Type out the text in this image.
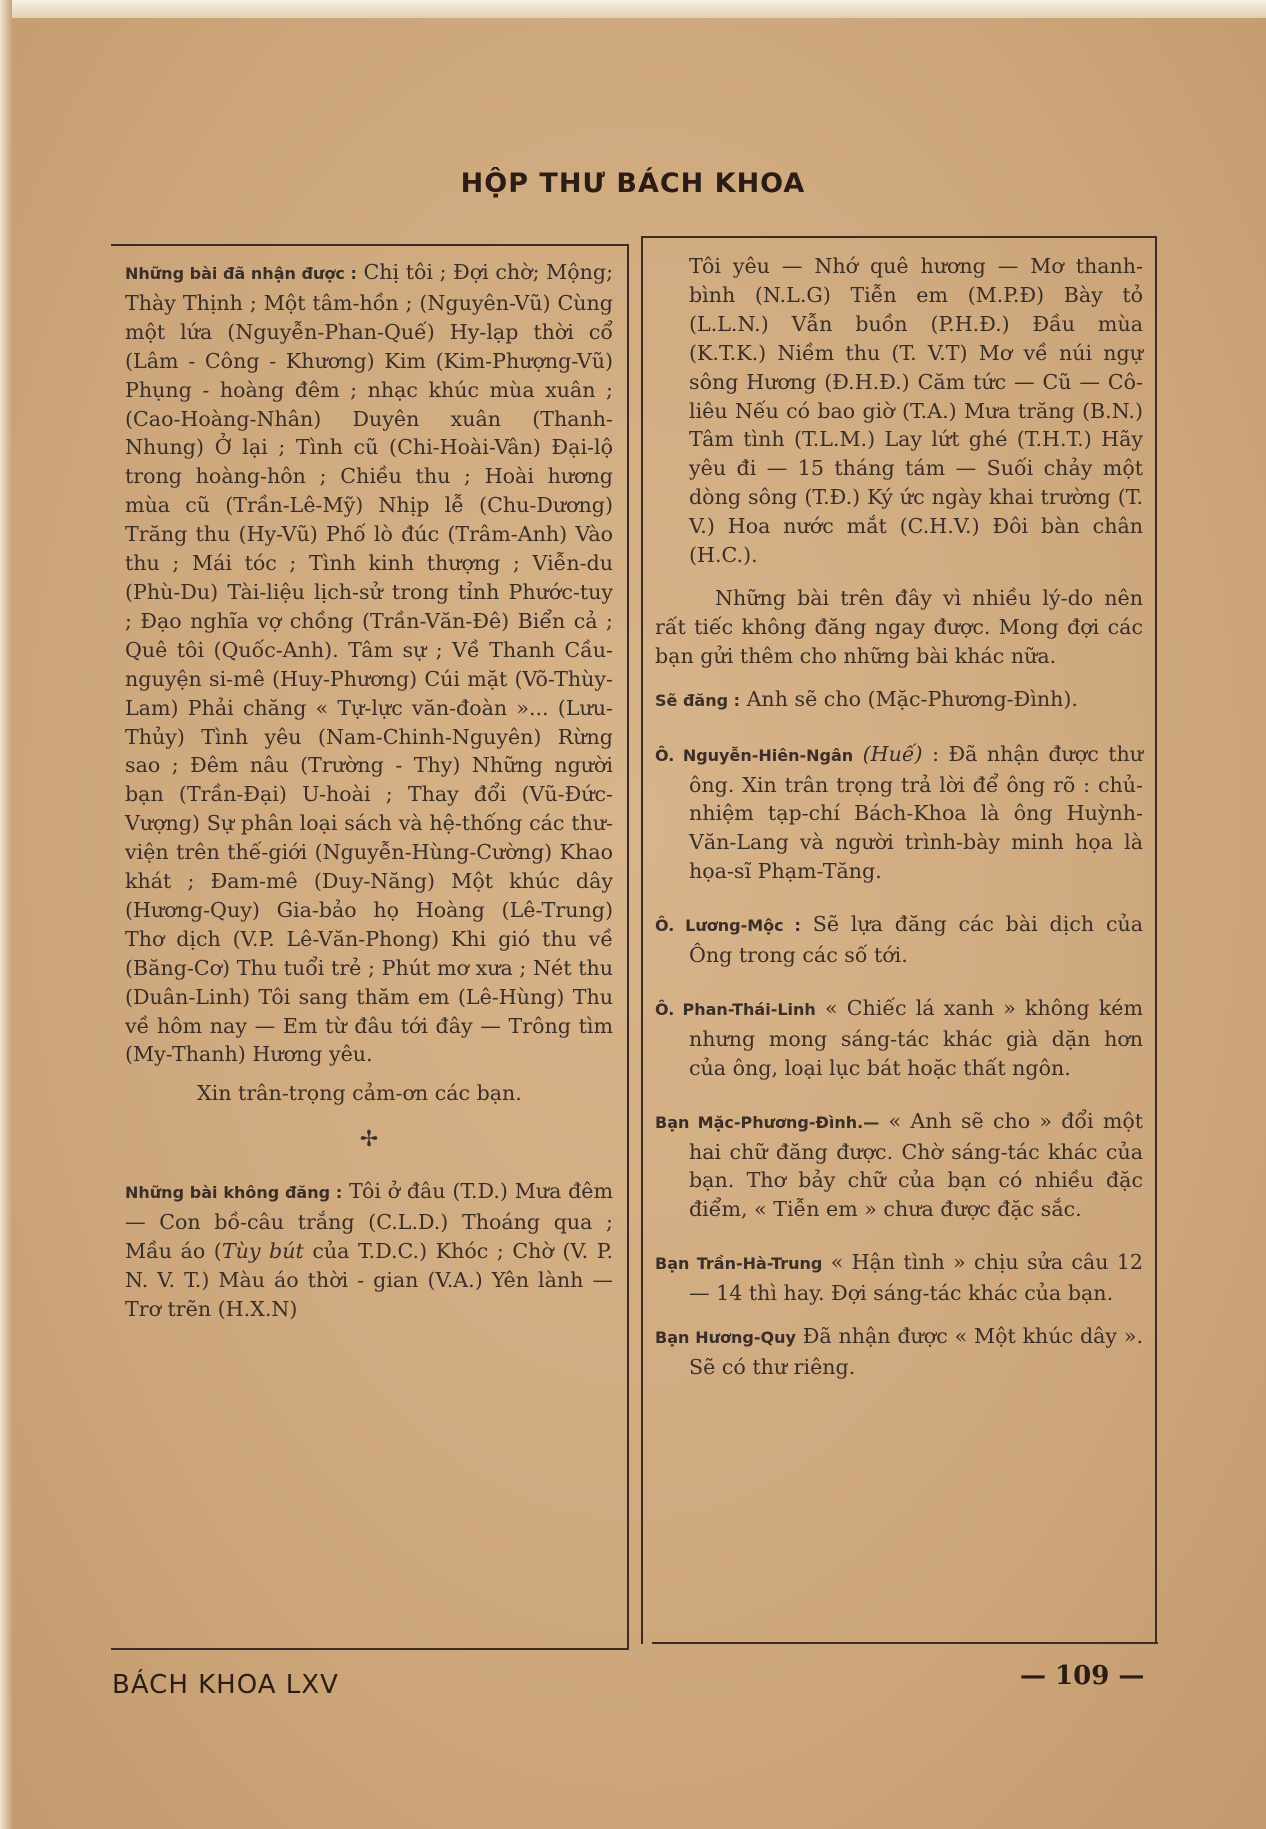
HỘP THƯ BÁCH KHOA

Những bài đã nhận được : Chị tôi ; Đợi chờ; Mộng; Thày Thịnh ; Một tâm-hồn ; (Nguyên-Vũ) Cùng một lứa (Nguyễn-Phan-Quế) Hy-lạp thời cổ (Lâm - Công - Khương) Kim (Kim-Phượng-Vũ) Phụng - hoàng đêm ; nhạc khúc mùa xuân ; (Cao-Hoàng-Nhân) Duyên xuân (Thanh-Nhung) Ở lại ; Tình cũ (Chi-Hoài-Vân) Đại-lộ trong hoàng-hôn ; Chiều thu ; Hoài hương mùa cũ (Trần-Lê-Mỹ) Nhịp lễ (Chu-Dương) Trăng thu (Hy-Vũ) Phố lò đúc (Trâm-Anh) Vào thu ; Mái tóc ; Tình kinh thượng ; Viễn-du (Phù-Du) Tài-liệu lịch-sử trong tỉnh Phước-tuy ; Đạo nghĩa vợ chồng (Trần-Văn-Đê) Biển cả ; Quê tôi (Quốc-Anh). Tâm sự ; Về Thanh Cầu-nguyện si-mê (Huy-Phương) Cúi mặt (Võ-Thùy-Lam) Phải chăng « Tự-lực văn-đoàn »... (Lưu-Thủy) Tình yêu (Nam-Chinh-Nguyên) Rừng sao ; Đêm nâu (Trường - Thy) Những người bạn (Trần-Đại) U-hoài ; Thay đổi (Vũ-Đức-Vượng) Sự phân loại sách và hệ-thống các thư-viện trên thế-giới (Nguyễn-Hùng-Cường) Khao khát ; Đam-mê (Duy-Năng) Một khúc dây (Hương-Quy) Gia-bảo họ Hoàng (Lê-Trung) Thơ dịch (V.P. Lê-Văn-Phong) Khi gió thu về (Băng-Cơ) Thu tuổi trẻ ; Phút mơ xưa ; Nét thu (Duân-Linh) Tôi sang thăm em (Lê-Hùng) Thu về hôm nay — Em từ đâu tới đây — Trông tìm (My-Thanh) Hương yêu.

Xin trân-trọng cảm-ơn các bạn.

✢

Những bài không đăng : Tôi ở đâu (T.D.) Mưa đêm — Con bồ-câu trắng (C.L.D.) Thoáng qua ; Mầu áo (Tùy bút của T.D.C.) Khóc ; Chờ (V. P. N. V. T.) Màu áo thời - gian (V.A.) Yên lành — Trơ trẽn (H.X.N)

Tôi yêu — Nhớ quê hương — Mơ thanh-bình (N.L.G) Tiễn em (M.P.Đ) Bày tỏ (L.L.N.) Vẫn buồn (P.H.Đ.) Đầu mùa (K.T.K.) Niềm thu (T. V.T) Mơ về núi ngự sông Hương (Đ.H.Đ.) Căm tức — Cũ — Cô-liêu Nếu có bao giờ (T.A.) Mưa trăng (B.N.) Tâm tình (T.L.M.) Lay lứt ghé (T.H.T.) Hãy yêu đi — 15 tháng tám — Suối chảy một dòng sông (T.Đ.) Ký ức ngày khai trường (T. V.) Hoa nước mắt (C.H.V.) Đôi bàn chân (H.C.).

Những bài trên đây vì nhiều lý-do nên rất tiếc không đăng ngay được. Mong đợi các bạn gửi thêm cho những bài khác nữa.

Sẽ đăng : Anh sẽ cho (Mặc-Phương-Đình).

Ô. Nguyễn-Hiên-Ngân (Huế) : Đã nhận được thư ông. Xin trân trọng trả lời để ông rõ : chủ-nhiệm tạp-chí Bách-Khoa là ông Huỳnh-Văn-Lang và người trình-bày minh họa là họa-sĩ Phạm-Tăng.

Ô. Lương-Mộc : Sẽ lựa đăng các bài dịch của Ông trong các số tới.

Ô. Phan-Thái-Linh « Chiếc lá xanh » không kém nhưng mong sáng-tác khác già dặn hơn của ông, loại lục bát hoặc thất ngôn.

Bạn Mặc-Phương-Đình.— « Anh sẽ cho » đổi một hai chữ đăng được. Chờ sáng-tác khác của bạn. Thơ bảy chữ của bạn có nhiều đặc điểm, « Tiễn em » chưa được đặc sắc.

Bạn Trần-Hà-Trung « Hận tình » chịu sửa câu 12 — 14 thì hay. Đợi sáng-tác khác của bạn.

Bạn Hương-Quy Đã nhận được « Một khúc dây ». Sẽ có thư riêng.

BÁCH KHOA LXV	— 109 —
